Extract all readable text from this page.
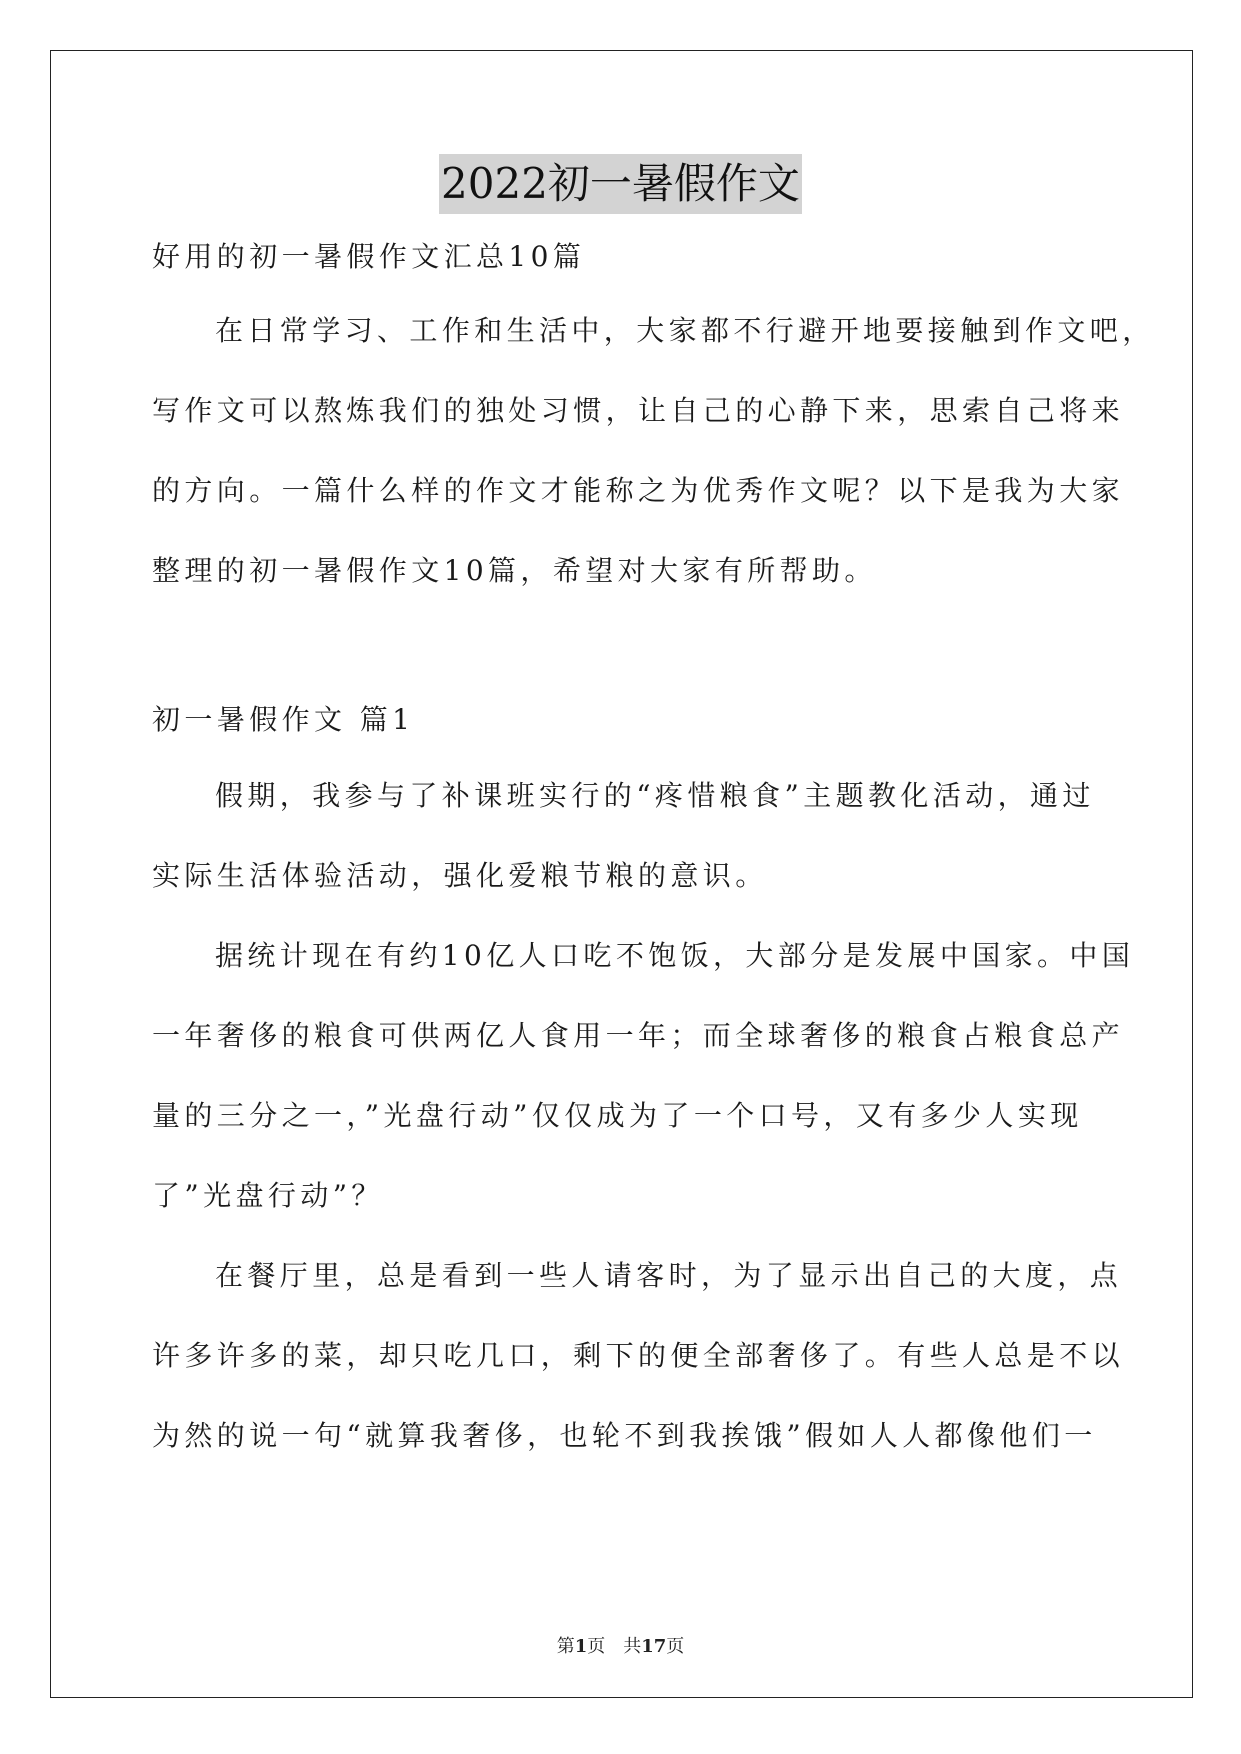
2022初一暑假作文
好用的初一暑假作文汇总10篇
在日常学习、工作和生活中，大家都不行避开地要接触到作文吧，
写作文可以熬炼我们的独处习惯，让自己的心静下来，思索自己将来
的方向。一篇什么样的作文才能称之为优秀作文呢？以下是我为大家
整理的初一暑假作文10篇，希望对大家有所帮助。
初一暑假作文 篇1
假期，我参与了补课班实行的“疼惜粮食”主题教化活动，通过
实际生活体验活动，强化爱粮节粮的意识。
据统计现在有约10亿人口吃不饱饭，大部分是发展中国家。中国
一年奢侈的粮食可供两亿人食用一年；而全球奢侈的粮食占粮食总产
量的三分之一，”光盘行动”仅仅成为了一个口号，又有多少人实现
了”光盘行动”？
在餐厅里，总是看到一些人请客时，为了显示出自己的大度，点
许多许多的菜，却只吃几口，剩下的便全部奢侈了。有些人总是不以
为然的说一句“就算我奢侈，也轮不到我挨饿”假如人人都像他们一
第1页　共17页
